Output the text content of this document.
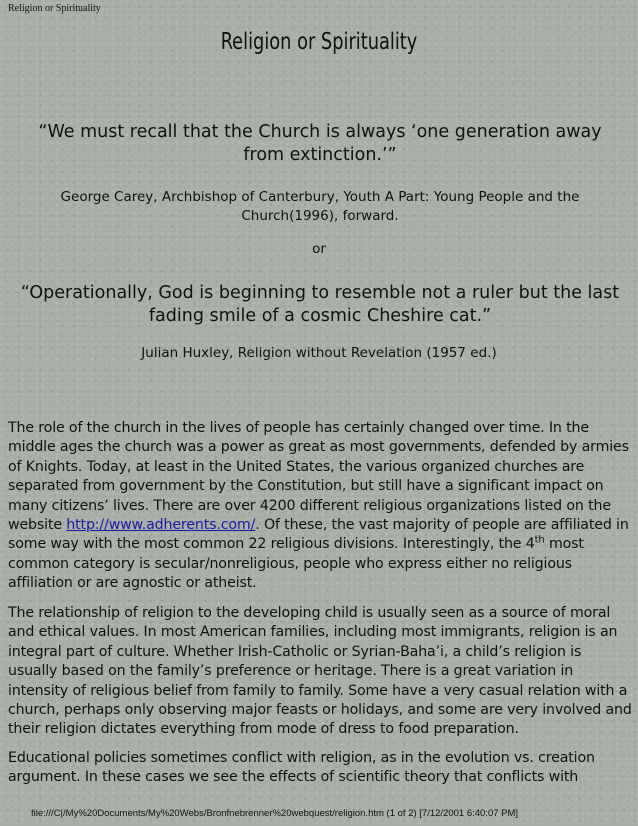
Religion or Spirituality
Religion or Spirituality
“We must recall that the Church is always ‘one generation away from extinction.’”
George Carey, Archbishop of Canterbury, Youth A Part: Young People and the Church(1996), forward.
or
“Operationally, God is beginning to resemble not a ruler but the last fading smile of a cosmic Cheshire cat.”
Julian Huxley, Religion without Revelation (1957 ed.)
The role of the church in the lives of people has certainly changed over time. In the middle ages the church was a power as great as most governments, defended by armies of Knights. Today, at least in the United States, the various organized churches are separated from government by the Constitution, but still have a significant impact on many citizens’ lives. There are over 4200 different religious organizations listed on the website http://www.adherents.com/. Of these, the vast majority of people are affiliated in some way with the most common 22 religious divisions. Interestingly, the 4th most common category is secular/nonreligious, people who express either no religious affiliation or are agnostic or atheist.
The relationship of religion to the developing child is usually seen as a source of moral and ethical values. In most American families, including most immigrants, religion is an integral part of culture. Whether Irish-Catholic or Syrian-Baha’i, a child’s religion is usually based on the family’s preference or heritage. There is a great variation in intensity of religious belief from family to family. Some have a very casual relation with a church, perhaps only observing major feasts or holidays, and some are very involved and their religion dictates everything from mode of dress to food preparation.
Educational policies sometimes conflict with religion, as in the evolution vs. creation argument. In these cases we see the effects of scientific theory that conflicts with
file:///C|/My%20Documents/My%20Webs/Bronfnebrenner%20webquest/religion.htm (1 of 2) [7/12/2001 6:40:07 PM]
